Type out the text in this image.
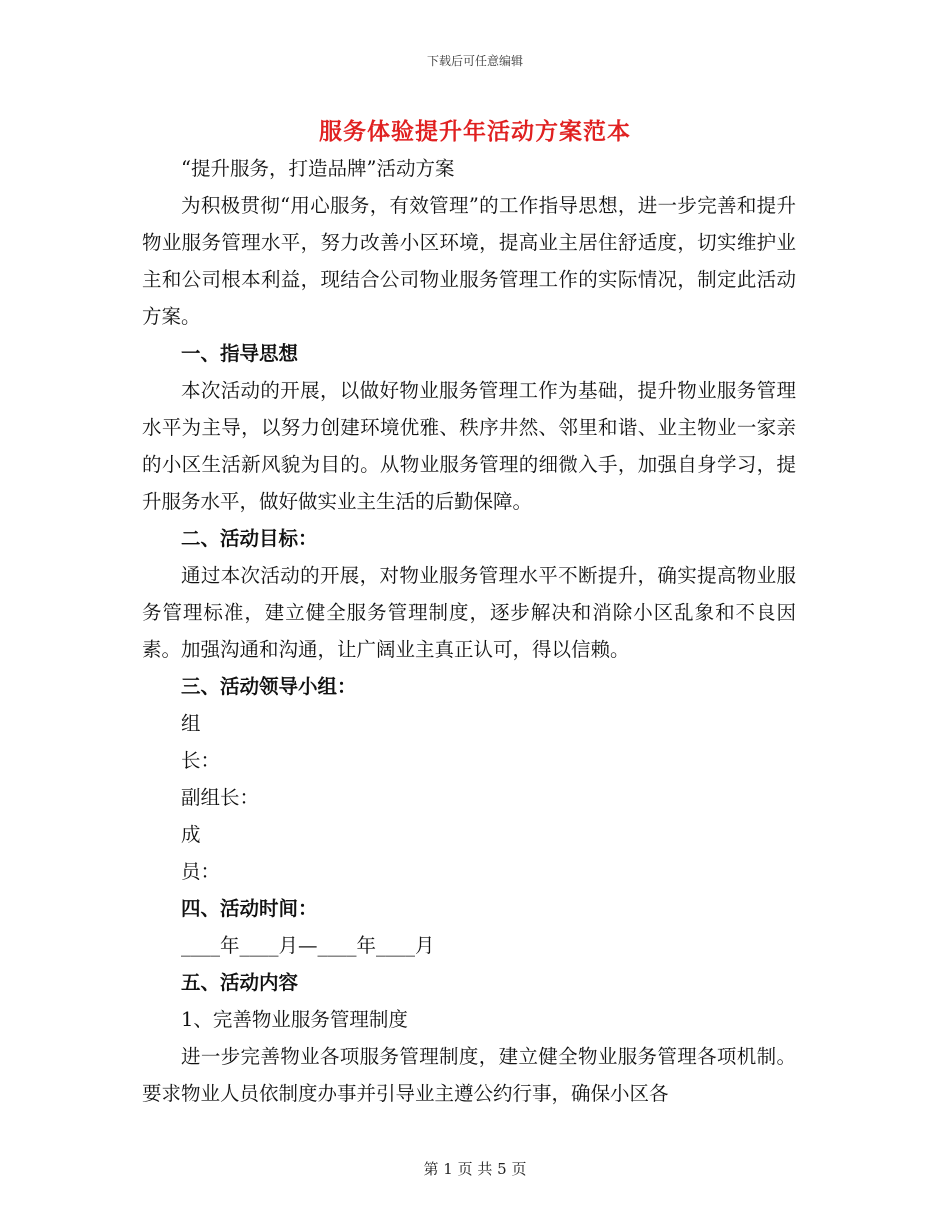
下载后可任意编辑
服务体验提升年活动方案范本

“提升服务，打造品牌”活动方案

为积极贯彻“用心服务，有效管理”的工作指导思想，进一步完善和提升物业服务管理水平，努力改善小区环境，提高业主居住舒适度，切实维护业主和公司根本利益，现结合公司物业服务管理工作的实际情况，制定此活动方案。

一、指导思想

本次活动的开展，以做好物业服务管理工作为基础，提升物业服务管理水平为主导，以努力创建环境优雅、秩序井然、邻里和谐、业主物业一家亲的小区生活新风貌为目的。从物业服务管理的细微入手，加强自身学习，提升服务水平，做好做实业主生活的后勤保障。

二、活动目标：

通过本次活动的开展，对物业服务管理水平不断提升，确实提高物业服务管理标准，建立健全服务管理制度，逐步解决和消除小区乱象和不良因素。加强沟通和沟通，让广阔业主真正认可，得以信赖。

三、活动领导小组：

组

长：

副组长：

成

员：

四、活动时间：

____年____月—____年____月

五、活动内容

1、完善物业服务管理制度

进一步完善物业各项服务管理制度，建立健全物业服务管理各项机制。要求物业人员依制度办事并引导业主遵公约行事，确保小区各

第 1 页 共 5 页
